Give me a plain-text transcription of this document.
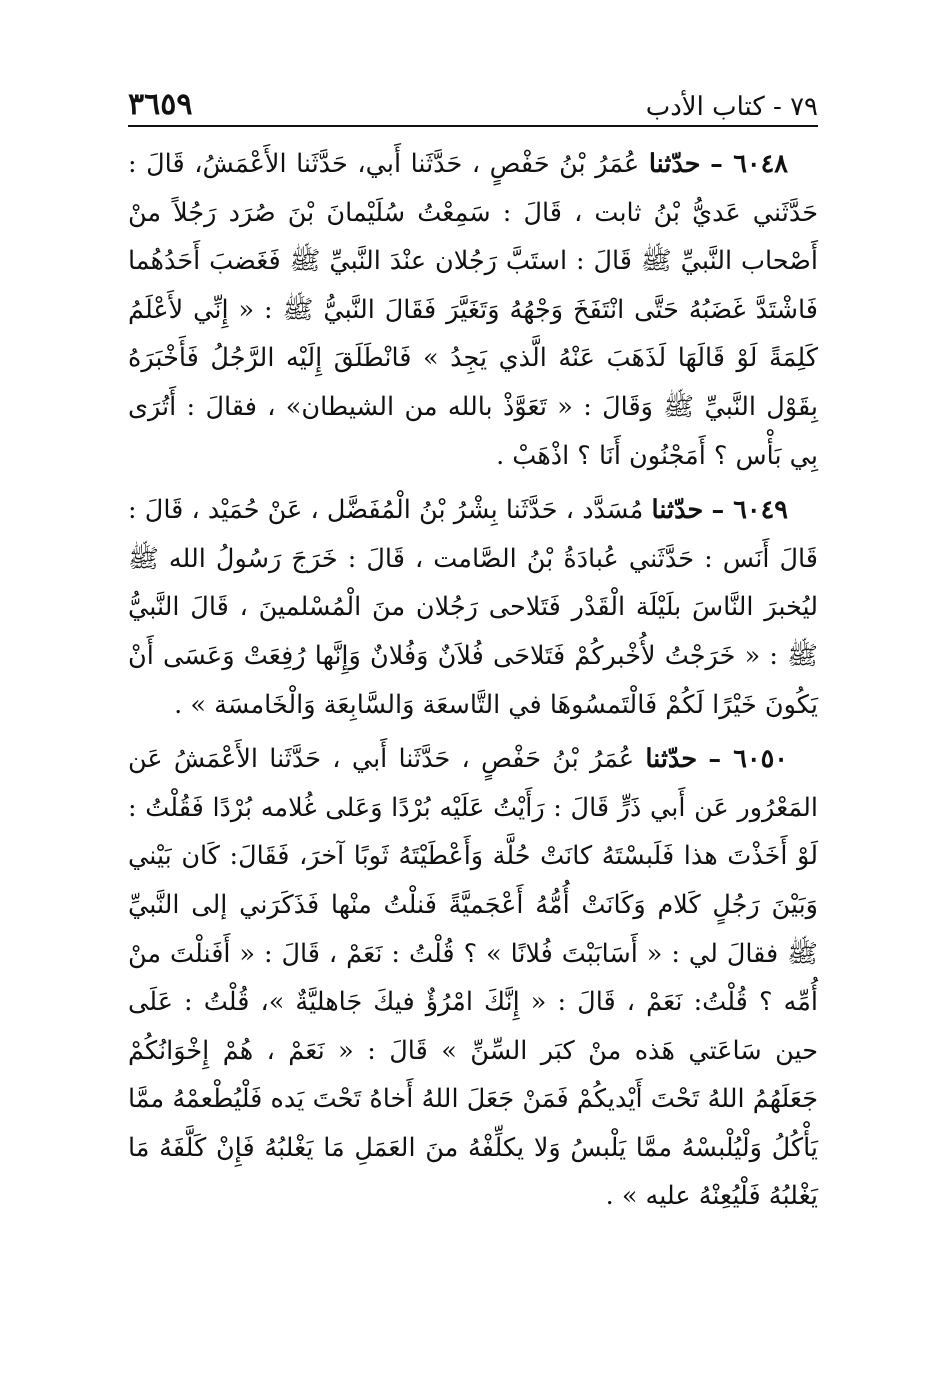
٧٩ - كتاب الأدب
٣٦٥٩

٦٠٤٨ – حدّثنا عُمَرُ بْنُ حَفْصٍ ، حَدَّثَنا أَبي، حَدَّثَنا الأَعْمَشُ، قَالَ : حَدَّثَني عَديُّ بْنُ ثابت ، قَالَ : سَمِعْتُ سُلَيْمانَ بْنَ صُرَد رَجُلاً منْ أَصْحاب النَّبيِّ ﷺ قَالَ : استَبَّ رَجُلان عنْدَ النَّبيِّ ﷺ فَغَضبَ أَحَدُهُما فَاشْتَدَّ غَضَبُهُ حَتَّى انْتَفَخَ وَجْهُهُ وَتَغَيَّرَ فَقَالَ النَّبيُّ ﷺ : « إِنِّي لأَعْلَمُ كَلِمَةً لَوْ قَالَهَا لَذَهَبَ عَنْهُ الَّذي يَجِدُ » فَانْطَلَقَ إِلَيْه الرَّجُلُ فَأَخْبَرَهُ بِقَوْل النَّبيِّ ﷺ وَقَالَ : « تَعَوَّذْ بالله من الشيطان» ، فقالَ : أَتُرَى بِي بَأْس ؟ أَمَجْنُون أَنَا ؟ اذْهَبْ .

٦٠٤٩ – حدّثنا مُسَدَّد ، حَدَّثَنا بِشْرُ بْنُ الْمُفَضَّل ، عَنْ حُمَيْد ، قَالَ : قَالَ أَنَس : حَدَّثَني عُبادَةُ بْنُ الصَّامت ، قَالَ : خَرَجَ رَسُولُ الله ﷺ ليُخبرَ النَّاسَ بلَيْلَة الْقَدْر فَتَلاحى رَجُلان منَ الْمُسْلمينَ ، قَالَ النَّبيُّ ﷺ : « خَرَجْتُ لأُخْبركُمْ فَتَلاحَى فُلاَنٌ وَفُلانٌ وَإِنَّها رُفِعَتْ وَعَسَى أَنْ يَكُونَ خَيْرًا لَكُمْ فَالْتَمسُوهَا في التَّاسعَة وَالسَّابِعَة وَالْخَامسَة » .

٦٠٥٠ – حدّثنا عُمَرُ بْنُ حَفْصٍ ، حَدَّثَنا أَبي ، حَدَّثَنا الأَعْمَشُ عَن المَعْرُور عَن أَبي ذَرٍّ قَالَ : رَأَيْتُ عَلَيْه بُرْدًا وَعَلى غُلامه بُرْدًا فَقُلْتُ : لَوْ أَخَذْتَ هذا فَلَبسْتَهُ كانَتْ حُلَّة وَأَعْطَيْتَهُ ثَوبًا آخرَ، فَقَالَ: كَان بَيْني وَبَيْنَ رَجُلٍ كَلام وَكَانَتْ أُمُّهُ أَعْجَميَّةً فَنلْتُ منْها فَذَكَرَني إلى النَّبيِّ ﷺ فقالَ لي : « أَسَابَبْتَ فُلانًا » ؟ قُلْتُ : نَعَمْ ، قَالَ : « أَفَنلْتَ منْ أُمِّه ؟ قُلْتُ: نَعَمْ ، قَالَ : « إِنَّكَ امْرُؤٌ فيكَ جَاهليَّةٌ »، قُلْتُ : عَلَى حين سَاعَتي هَذه منْ كبَر السِّنِّ » قَالَ : « نَعَمْ ، هُمْ إِخْوَانُكُمْ جَعَلَهُمُ اللهُ تَحْتَ أَيْديكُمْ فَمَنْ جَعَلَ اللهُ أَخاهُ تَحْتَ يَده فَلْيُطْعمْهُ ممَّا يَأْكُلُ وَلْيُلْبسْهُ ممَّا يَلْبسُ وَلا يكلِّفْهُ منَ العَمَلِ مَا يَغْلبُهُ فَإِنْ كَلَّفَهُ مَا يَغْلبُهُ فَلْيُعِنْهُ عليه » .
